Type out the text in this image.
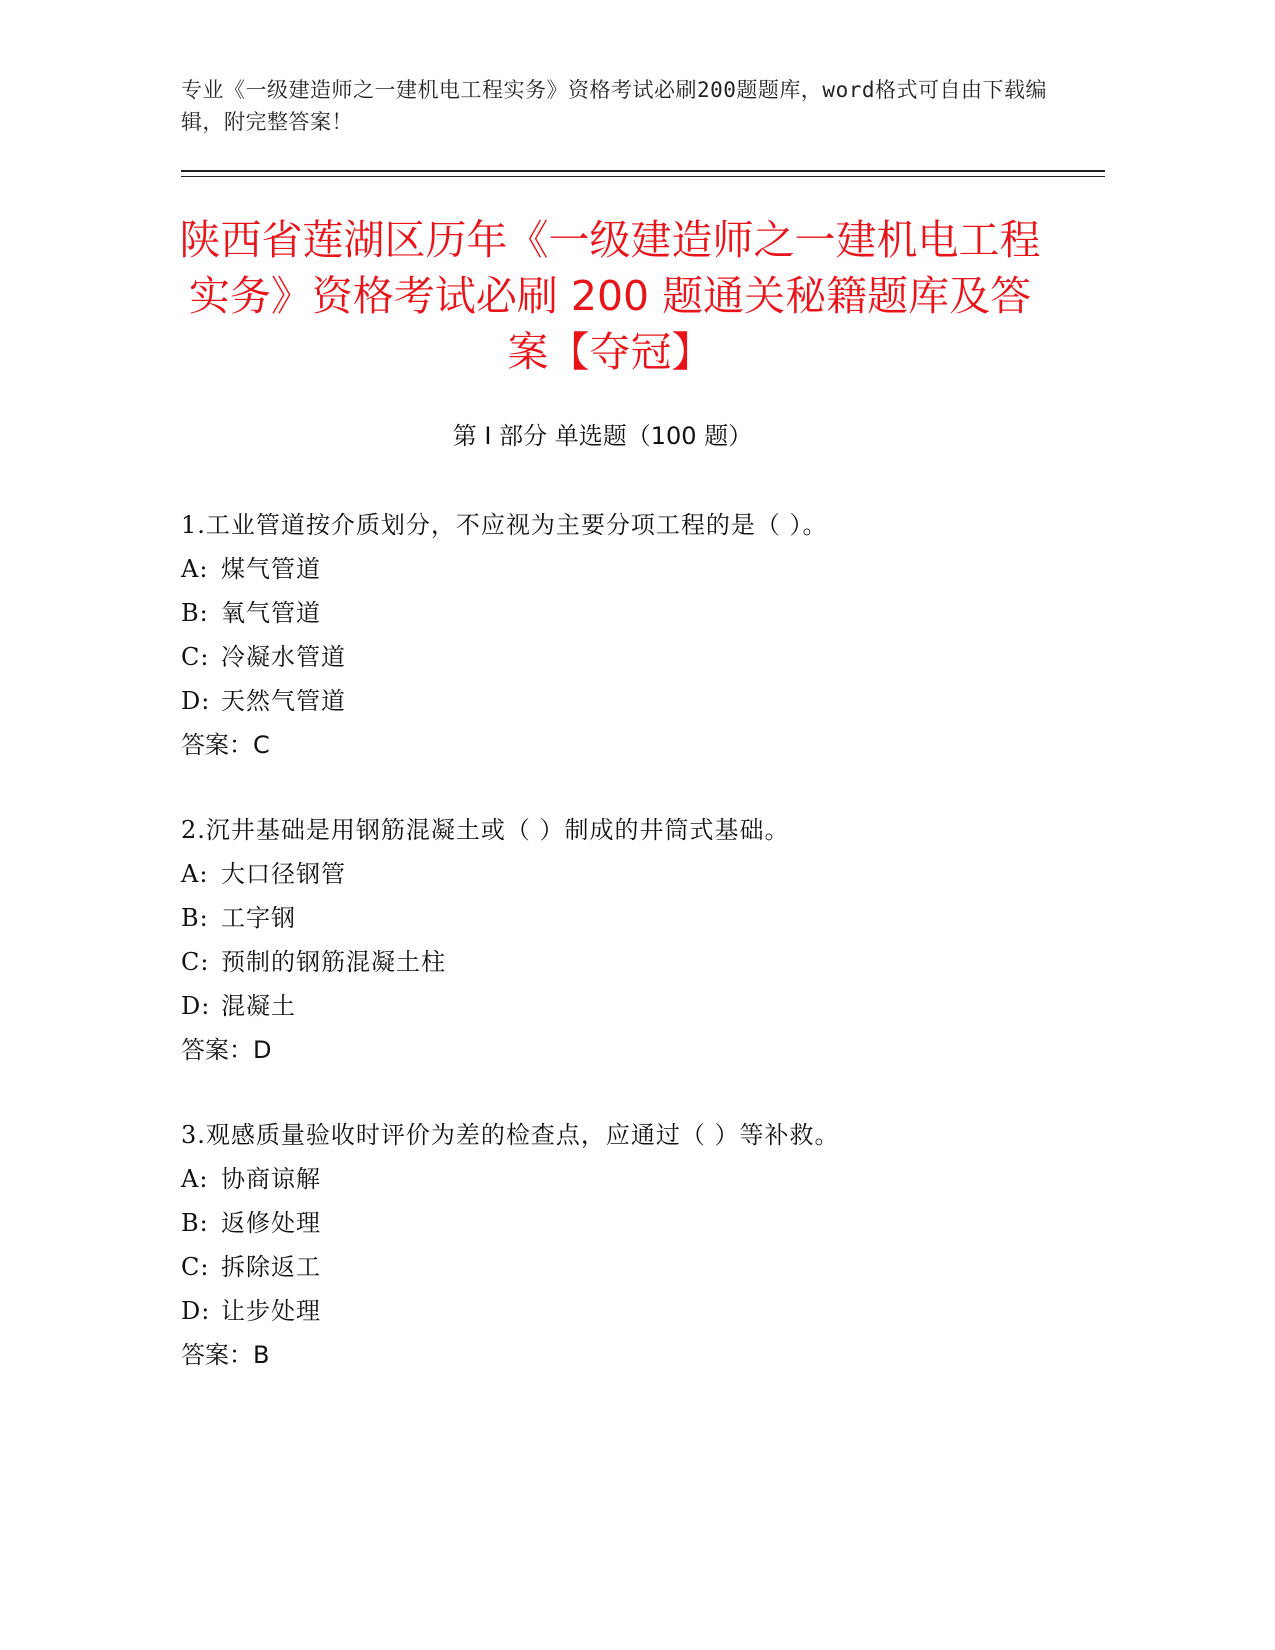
专业《一级建造师之一建机电工程实务》资格考试必刷200题题库，word格式可自由下载编辑，附完整答案！
陕西省莲湖区历年《一级建造师之一建机电工程实务》资格考试必刷 200 题通关秘籍题库及答案【夺冠】
第 I 部分 单选题（100 题）
1.工业管道按介质划分，不应视为主要分项工程的是（ ）。
A: 煤气管道
B: 氧气管道
C: 冷凝水管道
D: 天然气管道
答案：C
2.沉井基础是用钢筋混凝土或（ ）制成的井筒式基础。
A: 大口径钢管
B: 工字钢
C: 预制的钢筋混凝土柱
D: 混凝土
答案：D
3.观感质量验收时评价为差的检查点，应通过（ ）等补救。
A: 协商谅解
B: 返修处理
C: 拆除返工
D: 让步处理
答案：B
